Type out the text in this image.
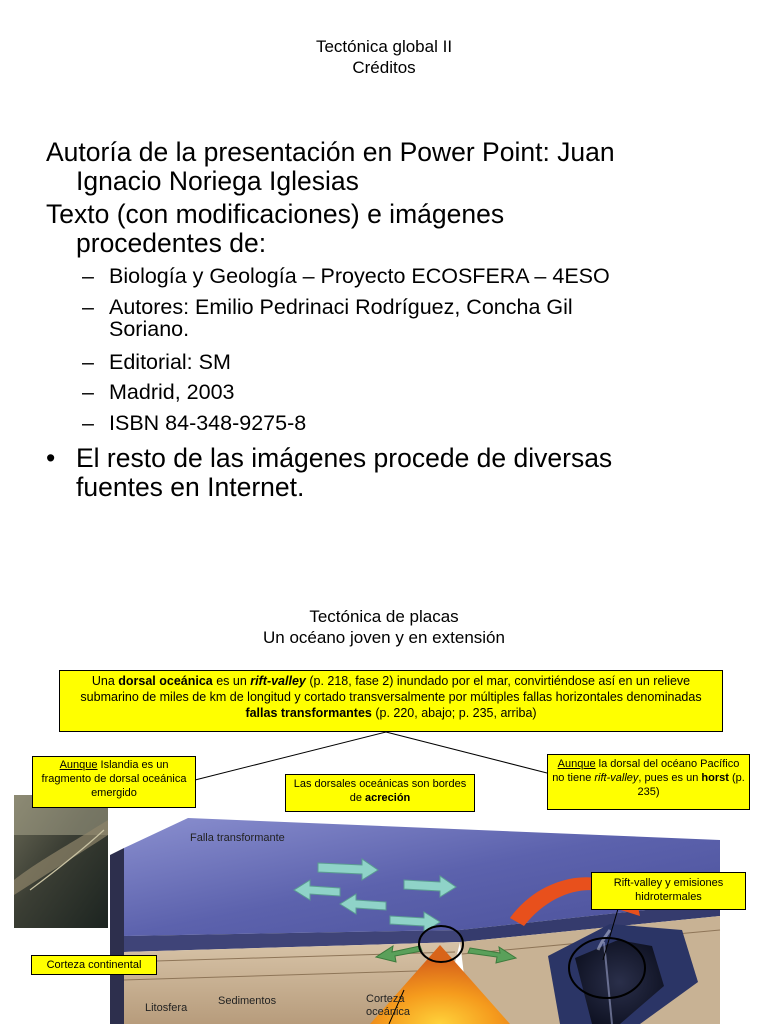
Tectónica global II
Créditos
Autoría de la presentación en Power Point: Juan
Ignacio Noriega Iglesias
Texto (con modificaciones) e imágenes
procedentes de:
– Biología y Geología – Proyecto ECOSFERA – 4ESO
– Autores: Emilio Pedrinaci Rodríguez, Concha Gil
Soriano.
– Editorial: SM
– Madrid, 2003
– ISBN 84-348-9275-8
• El resto de las imágenes procede de diversas
fuentes en Internet.
Falla transformante
Litosfera
Sedimentos	Corteza
oceánica
Tectónica de placas
Un océano joven y en extensión
Una dorsal oceánica es un rift-valley (p. 218, fase 2) inundado por el mar, convirtiéndose así en un relieve submarino de miles de km de longitud y cortado transversalmente por múltiples fallas horizontales denominadas fallas transformantes (p. 220, abajo; p. 235, arriba)
Aunque Islandia es un fragmento de dorsal oceánica emergido
Las dorsales oceánicas son bordes de acreción
Aunque la dorsal del océano Pacífico no tiene rift-valley, pues es un horst (p. 235)
Rift-valley y emisiones hidrotermales
Corteza continental
